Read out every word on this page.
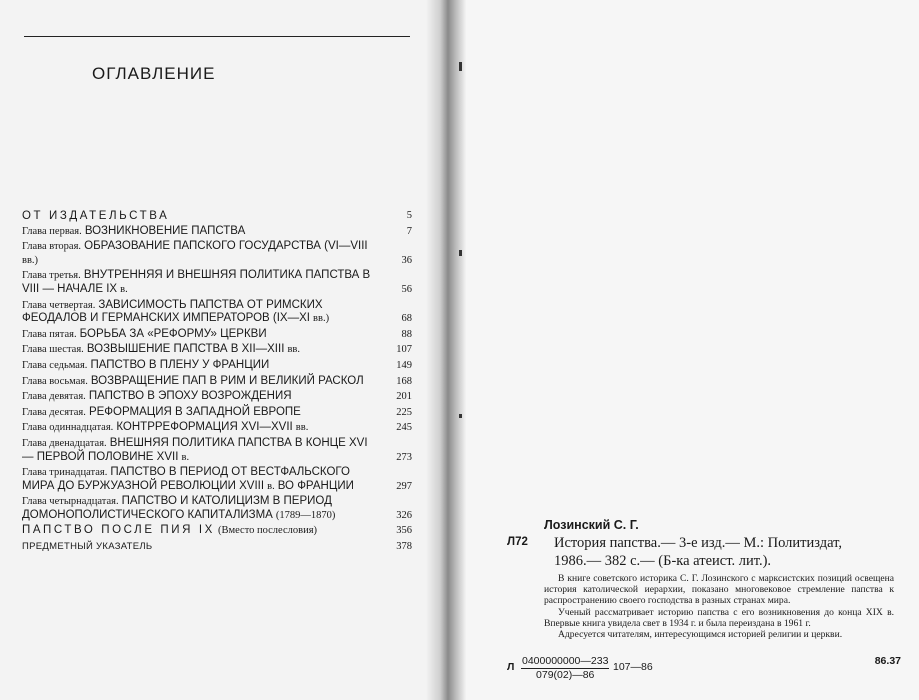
ОГЛАВЛЕНИЕ
ОТ ИЗДАТЕЛЬСТВА	5
Глава первая. ВОЗНИКНОВЕНИЕ ПАПСТВА	7
Глава вторая. ОБРАЗОВАНИЕ ПАПСКОГО ГОСУДАРСТВА (VI—VIII вв.)	36
Глава третья. ВНУТРЕННЯЯ И ВНЕШНЯЯ ПОЛИТИКА ПАПСТВА В VIII — НАЧАЛЕ IX в.	56
Глава четвертая. ЗАВИСИМОСТЬ ПАПСТВА ОТ РИМСКИХ ФЕОДАЛОВ И ГЕРМАНСКИХ ИМПЕРАТОРОВ (IX—XI вв.)	68
Глава пятая. БОРЬБА ЗА «РЕФОРМУ» ЦЕРКВИ	88
Глава шестая. ВОЗВЫШЕНИЕ ПАПСТВА В XII—XIII вв.	107
Глава седьмая. ПАПСТВО В ПЛЕНУ У ФРАНЦИИ	149
Глава восьмая. ВОЗВРАЩЕНИЕ ПАП В РИМ И ВЕЛИКИЙ РАСКОЛ	168
Глава девятая. ПАПСТВО В ЭПОХУ ВОЗРОЖДЕНИЯ	201
Глава десятая. РЕФОРМАЦИЯ В ЗАПАДНОЙ ЕВРОПЕ	225
Глава одиннадцатая. КОНТРРЕФОРМАЦИЯ XVI—XVII вв.	245
Глава двенадцатая. ВНЕШНЯЯ ПОЛИТИКА ПАПСТВА В КОНЦЕ XVI — ПЕРВОЙ ПОЛОВИНЕ XVII в.	273
Глава тринадцатая. ПАПСТВО В ПЕРИОД ОТ ВЕСТФАЛЬСКОГО МИРА ДО БУРЖУАЗНОЙ РЕВОЛЮЦИИ XVIII в. ВО ФРАНЦИИ	297
Глава четырнадцатая. ПАПСТВО И КАТОЛИЦИЗМ В ПЕРИОД ДОМОНОПОЛИСТИЧЕСКОГО КАПИТАЛИЗМА (1789—1870)	326
ПАПСТВО ПОСЛЕ ПИЯ IX (Вместо послесловия)	356
ПРЕДМЕТНЫЙ УКАЗАТЕЛЬ	378
Лозинский С. Г.
Л72 История папства.— 3-е изд.— М.: Политиздат,
1986.— 382 с.— (Б-ка атеист. лит.).

В книге советского историка С. Г. Лозинского с марксистских позиций освещена история католической иерархии, показано многовековое стремление папства к распространению своего господства в разных странах мира.

Ученый рассматривает историю папства с его возникновения до конца XIX в. Впервые книга увидела свет в 1934 г. и была переиздана в 1961 г.

Адресуется читателям, интересующимся историей религии и церкви.

Л $\frac{0400000000—233}{079(02)—86}$ 107—86	86.37
